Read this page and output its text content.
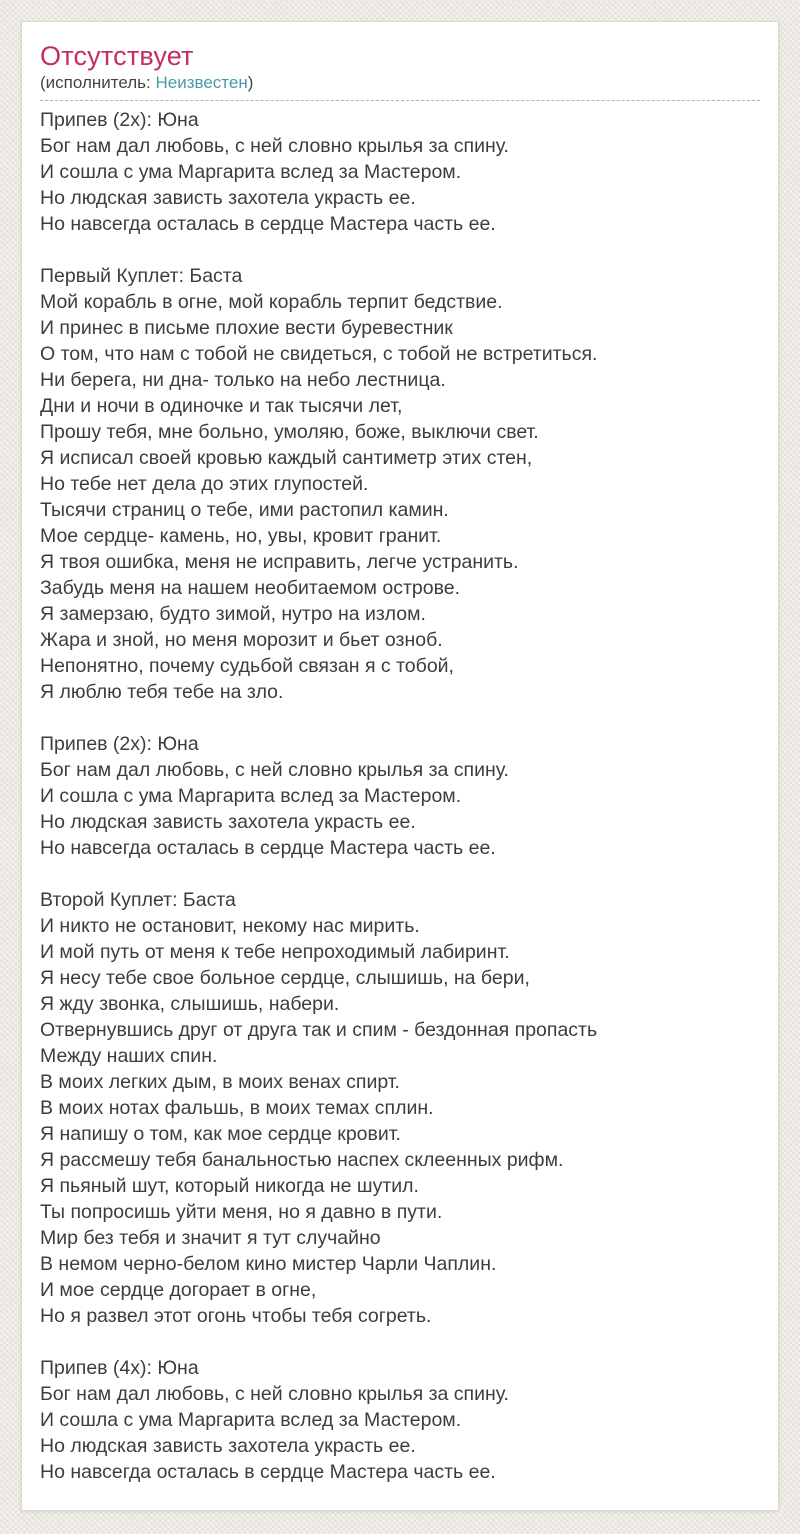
Отсутствует
(исполнитель: Неизвестен)
Припев (2x): Юна
Бог нам дал любовь, с ней словно крылья за спину.
И сошла с ума Маргарита вслед за Мастером.
Но людская зависть захотела украсть ее.
Но навсегда осталась в сердце Мастера часть ее.
Первый Куплет: Баста
Мой корабль в огне, мой корабль терпит бедствие.
И принес в письме плохие вести буревестник
О том, что нам с тобой не свидеться, с тобой не встретиться.
Ни берега, ни дна- только на небо лестница.
Дни и ночи в одиночке и так тысячи лет,
Прошу тебя, мне больно, умоляю, боже, выключи свет.
Я исписал своей кровью каждый сантиметр этих стен,
Но тебе нет дела до этих глупостей.
Тысячи страниц о тебе, ими растопил камин.
Мое сердце- камень, но, увы, кровит гранит.
Я твоя ошибка, меня не исправить, легче устранить.
Забудь меня на нашем необитаемом острове.
Я замерзаю, будто зимой, нутро на излом.
Жара и зной, но меня морозит и бьет озноб.
Непонятно, почему судьбой связан я с тобой,
Я люблю тебя тебе на зло.
Припев (2x): Юна
Бог нам дал любовь, с ней словно крылья за спину.
И сошла с ума Маргарита вслед за Мастером.
Но людская зависть захотела украсть ее.
Но навсегда осталась в сердце Мастера часть ее.
Второй Куплет: Баста
И никто не остановит, некому нас мирить.
И мой путь от меня к тебе непроходимый лабиринт.
Я несу тебе свое больное сердце, слышишь, на бери,
Я жду звонка, слышишь, набери.
Отвернувшись друг от друга так и спим - бездонная пропасть
Между наших спин.
В моих легких дым, в моих венах спирт.
В моих нотах фальшь, в моих темах сплин.
Я напишу о том, как мое сердце кровит.
Я рассмешу тебя банальностью наспех склеенных рифм.
Я пьяный шут, который никогда не шутил.
Ты попросишь уйти меня, но я давно в пути.
Мир без тебя и значит я тут случайно
В немом черно-белом кино мистер Чарли Чаплин.
И мое сердце догорает в огне,
Но я развел этот огонь чтобы тебя согреть.
Припев (4x): Юна
Бог нам дал любовь, с ней словно крылья за спину.
И сошла с ума Маргарита вслед за Мастером.
Но людская зависть захотела украсть ее.
Но навсегда осталась в сердце Мастера часть ее.
